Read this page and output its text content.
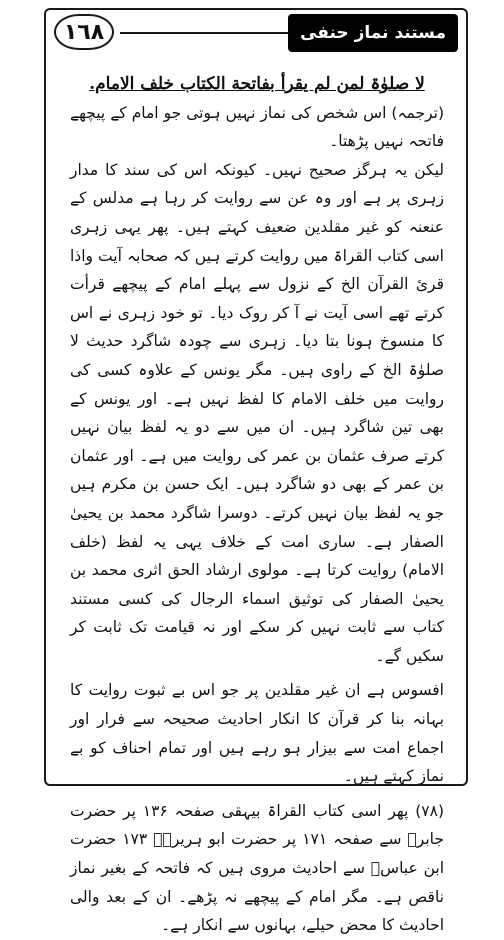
١٦٨	مستند نماز حنفی

لا صلوٰۃ لمن لم يقرأ بفاتحة الكتاب خلف الامام.

(ترجمہ) اس شخص کی نماز نہیں ہوتی جو امام کے پیچھے فاتحہ نہیں پڑھتا۔

لیکن یہ ہرگز صحیح نہیں۔ کیونکہ اس کی سند کا مدار زہری پر ہے اور وہ عن سے روایت کر رہا ہے مدلس کے عنعنہ کو غیر مقلدین ضعیف کہتے ہیں۔ پھر یہی زہری اسی کتاب القراۃ میں روایت کرتے ہیں کہ صحابہ آیت واذا قرئ القرآن الخ کے نزول سے پہلے امام کے پیچھے قرأت کرتے تھے اسی آیت نے آ کر روک دیا۔ تو خود زہری نے اس کا منسوخ ہونا بتا دیا۔ زہری سے چودہ شاگرد حدیث لا صلوٰۃ الخ کے راوی ہیں۔ مگر یونس کے علاوہ کسی کی روایت میں خلف الامام کا لفظ نہیں ہے۔ اور یونس کے بھی تین شاگرد ہیں۔ ان میں سے دو یہ لفظ بیان نہیں کرتے صرف عثمان بن عمر کی روایت میں ہے۔ اور عثمان بن عمر کے بھی دو شاگرد ہیں۔ ایک حسن بن مکرم ہیں جو یہ لفظ بیان نہیں کرتے۔ دوسرا شاگرد محمد بن یحییٰ الصفار ہے۔ ساری امت کے خلاف یہی یہ لفظ (خلف الامام) روایت کرتا ہے۔ مولوی ارشاد الحق اثری محمد بن یحییٰ الصفار کی توثیق اسماء الرجال کی کسی مستند کتاب سے ثابت نہیں کر سکے اور نہ قیامت تک ثابت کر سکیں گے۔

افسوس ہے ان غیر مقلدین پر جو اس بے ثبوت روایت کا بہانہ بنا کر قرآن کا انکار احادیث صحیحہ سے فرار اور اجماع امت سے بیزار ہو رہے ہیں اور تمام احناف کو بے نماز کہتے ہیں۔

(۷۸) پھر اسی کتاب القراۃ بیہقی صفحہ ۱۳۶ پر حضرت جابرؓ سے صفحہ ۱۷۱ پر حضرت ابو ہریرہؓ ۱۷۳ حضرت ابن عباسؓ سے احادیث مروی ہیں کہ فاتحہ کے بغیر نماز ناقص ہے۔ مگر امام کے پیچھے نہ پڑھے۔ ان کے بعد والی احادیث کا محض حیلے، بہانوں سے انکار ہے۔
